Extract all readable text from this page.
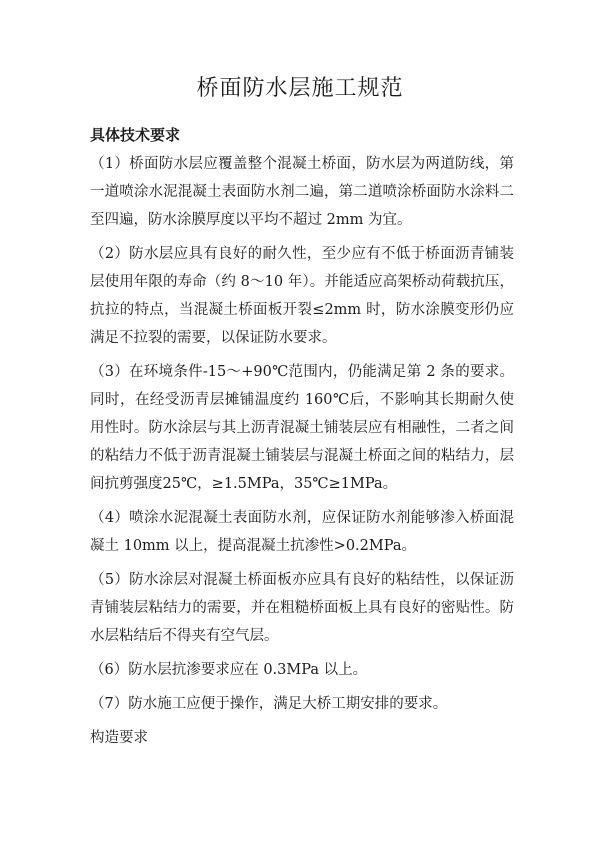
桥面防水层施工规范
具体技术要求

（1）桥面防水层应覆盖整个混凝土桥面，防水层为两道防线，第一道喷涂水泥混凝土表面防水剂二遍，第二道喷涂桥面防水涂料二至四遍，防水涂膜厚度以平均不超过 2mm 为宜。

（2）防水层应具有良好的耐久性，至少应有不低于桥面沥青铺装层使用年限的寿命（约 8～10 年）。并能适应高架桥动荷载抗压，抗拉的特点，当混凝土桥面板开裂≤2mm 时，防水涂膜变形仍应满足不拉裂的需要，以保证防水要求。

（3）在环境条件-15～+90℃范围内，仍能满足第 2 条的要求。同时，在经受沥青层摊铺温度约 160℃后，不影响其长期耐久使用性时。防水涂层与其上沥青混凝土铺装层应有相融性，二者之间的粘结力不低于沥青混凝土铺装层与混凝土桥面之间的粘结力，层间抗剪强度25℃，≥1.5MPa，35℃≥1MPa。

（4）喷涂水泥混凝土表面防水剂，应保证防水剂能够渗入桥面混凝土 10mm 以上，提高混凝土抗渗性>0.2MPa。

（5）防水涂层对混凝土桥面板亦应具有良好的粘结性，以保证沥青铺装层粘结力的需要，并在粗糙桥面板上具有良好的密贴性。防水层粘结后不得夹有空气层。

（6）防水层抗渗要求应在 0.3MPa 以上。

（7）防水施工应便于操作，满足大桥工期安排的要求。

构造要求
